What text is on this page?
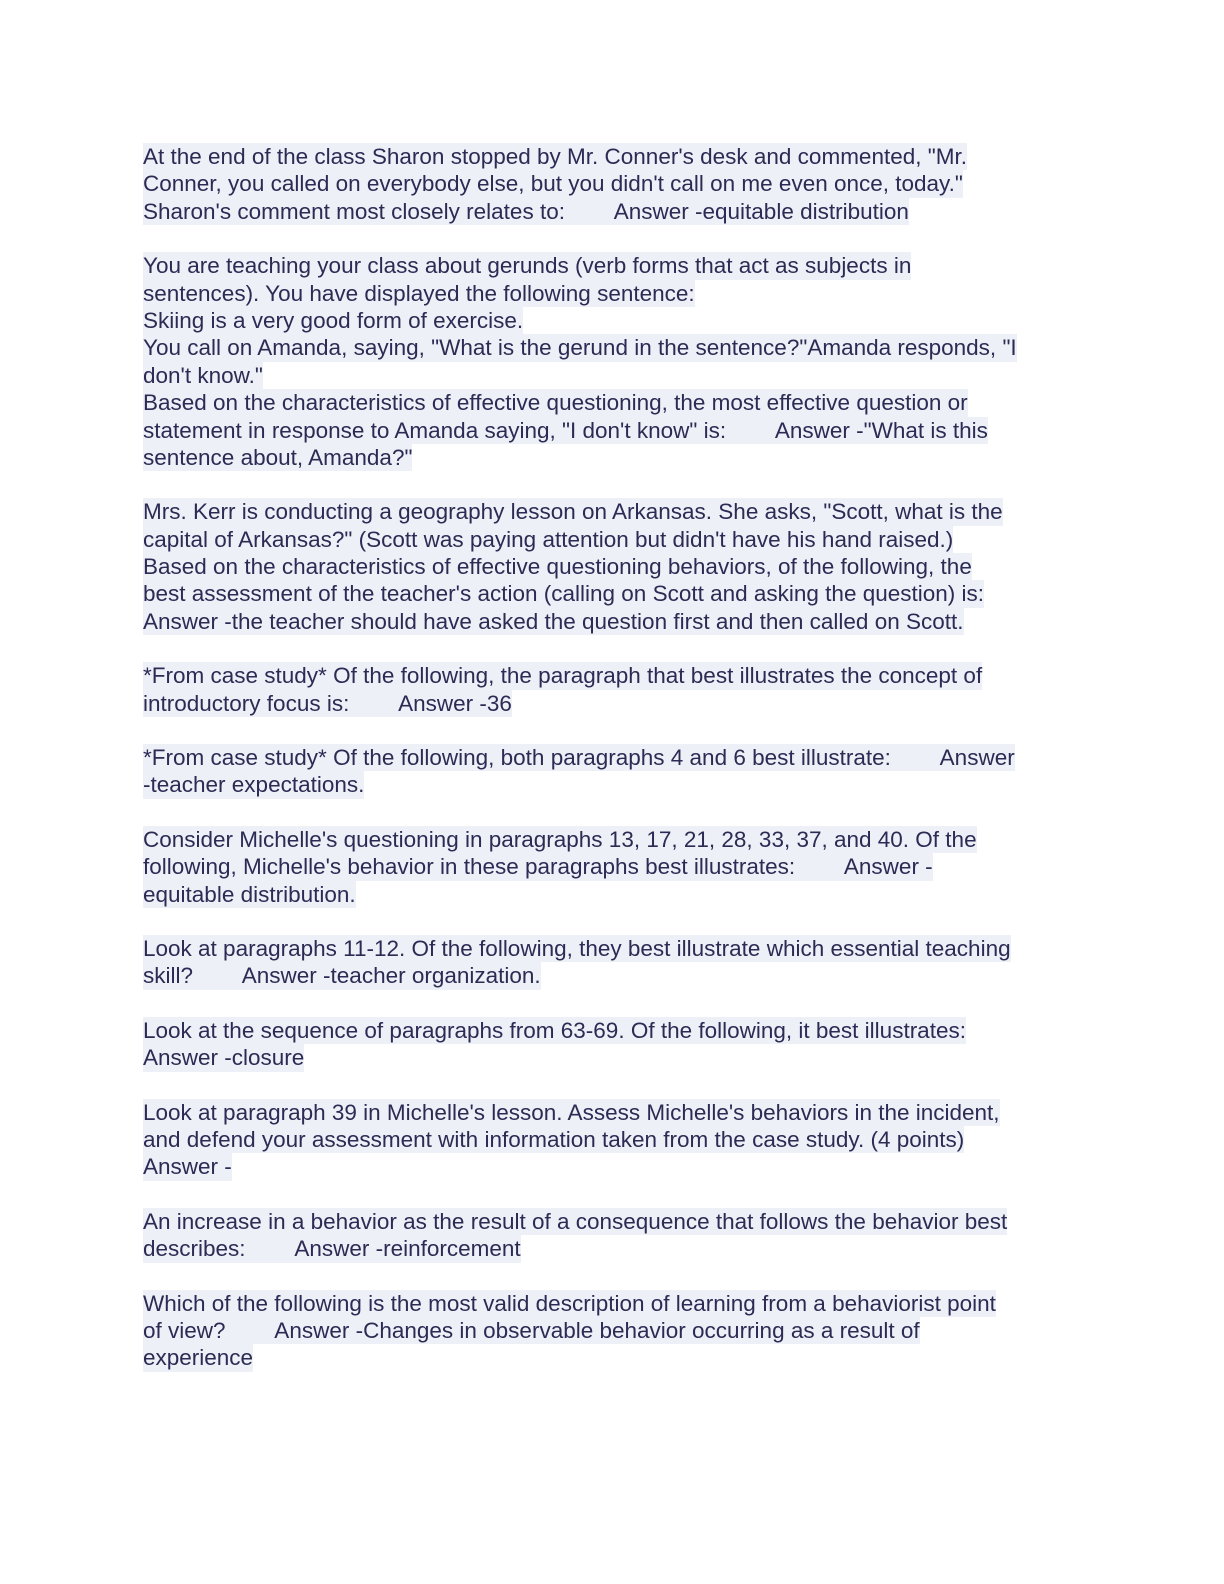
At the end of the class Sharon stopped by Mr. Conner's desk and commented, "Mr.
Conner, you called on everybody else, but you didn't call on me even once, today."
Sharon's comment most closely relates to:        Answer -equitable distribution
You are teaching your class about gerunds (verb forms that act as subjects in
sentences). You have displayed the following sentence:
Skiing is a very good form of exercise.
You call on Amanda, saying, "What is the gerund in the sentence?"Amanda responds, "I
don't know."
Based on the characteristics of effective questioning, the most effective question or
statement in response to Amanda saying, "I don't know" is:        Answer -"What is this
sentence about, Amanda?"
Mrs. Kerr is conducting a geography lesson on Arkansas. She asks, "Scott, what is the
capital of Arkansas?" (Scott was paying attention but didn't have his hand raised.)
Based on the characteristics of effective questioning behaviors, of the following, the
best assessment of the teacher's action (calling on Scott and asking the question) is:
Answer -the teacher should have asked the question first and then called on Scott.
*From case study* Of the following, the paragraph that best illustrates the concept of
introductory focus is:        Answer -36
*From case study* Of the following, both paragraphs 4 and 6 best illustrate:        Answer
-teacher expectations.
Consider Michelle's questioning in paragraphs 13, 17, 21, 28, 33, 37, and 40. Of the
following, Michelle's behavior in these paragraphs best illustrates:        Answer -
equitable distribution.
Look at paragraphs 11-12. Of the following, they best illustrate which essential teaching
skill?        Answer -teacher organization.
Look at the sequence of paragraphs from 63-69. Of the following, it best illustrates:
Answer -closure
Look at paragraph 39 in Michelle's lesson. Assess Michelle's behaviors in the incident,
and defend your assessment with information taken from the case study. (4 points)
Answer -
An increase in a behavior as the result of a consequence that follows the behavior best
describes:        Answer -reinforcement
Which of the following is the most valid description of learning from a behaviorist point
of view?        Answer -Changes in observable behavior occurring as a result of
experience
